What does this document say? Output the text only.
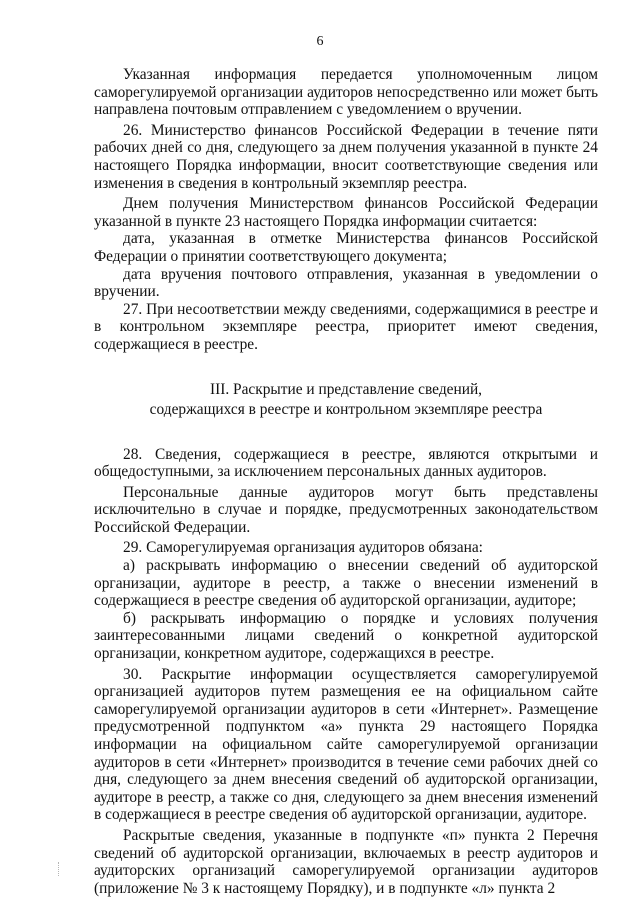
6

Указанная информация передается уполномоченным лицом саморегулируемой организации аудиторов непосредственно или может быть направлена почтовым отправлением с уведомлением о вручении.

26. Министерство финансов Российской Федерации в течение пяти рабочих дней со дня, следующего за днем получения указанной в пункте 24 настоящего Порядка информации, вносит соответствующие сведения или изменения в сведения в контрольный экземпляр реестра.

Днем получения Министерством финансов Российской Федерации указанной в пункте 23 настоящего Порядка информации считается:

дата, указанная в отметке Министерства финансов Российской Федерации о принятии соответствующего документа;

дата вручения почтового отправления, указанная в уведомлении о вручении.

27. При несоответствии между сведениями, содержащимися в реестре и в контрольном экземпляре реестра, приоритет имеют сведения, содержащиеся в реестре.

III. Раскрытие и представление сведений,
содержащихся в реестре и контрольном экземпляре реестра

28. Сведения, содержащиеся в реестре, являются открытыми и общедоступными, за исключением персональных данных аудиторов.

Персональные данные аудиторов могут быть представлены исключительно в случае и порядке, предусмотренных законодательством Российской Федерации.

29. Саморегулируемая организация аудиторов обязана:

а) раскрывать информацию о внесении сведений об аудиторской организации, аудиторе в реестр, а также о внесении изменений в содержащиеся в реестре сведения об аудиторской организации, аудиторе;

б) раскрывать информацию о порядке и условиях получения заинтересованными лицами сведений о конкретной аудиторской организации, конкретном аудиторе, содержащихся в реестре.

30. Раскрытие информации осуществляется саморегулируемой организацией аудиторов путем размещения ее на официальном сайте саморегулируемой организации аудиторов в сети «Интернет». Размещение предусмотренной подпунктом «а» пункта 29 настоящего Порядка информации на официальном сайте саморегулируемой организации аудиторов в сети «Интернет» производится в течение семи рабочих дней со дня, следующего за днем внесения сведений об аудиторской организации, аудиторе в реестр, а также со дня, следующего за днем внесения изменений в содержащиеся в реестре сведения об аудиторской организации, аудиторе.

Раскрытые сведения, указанные в подпункте «п» пункта 2 Перечня сведений об аудиторской организации, включаемых в реестр аудиторов и аудиторских организаций саморегулируемой организации аудиторов (приложение № 3 к настоящему Порядку), и в подпункте «л» пункта 2
